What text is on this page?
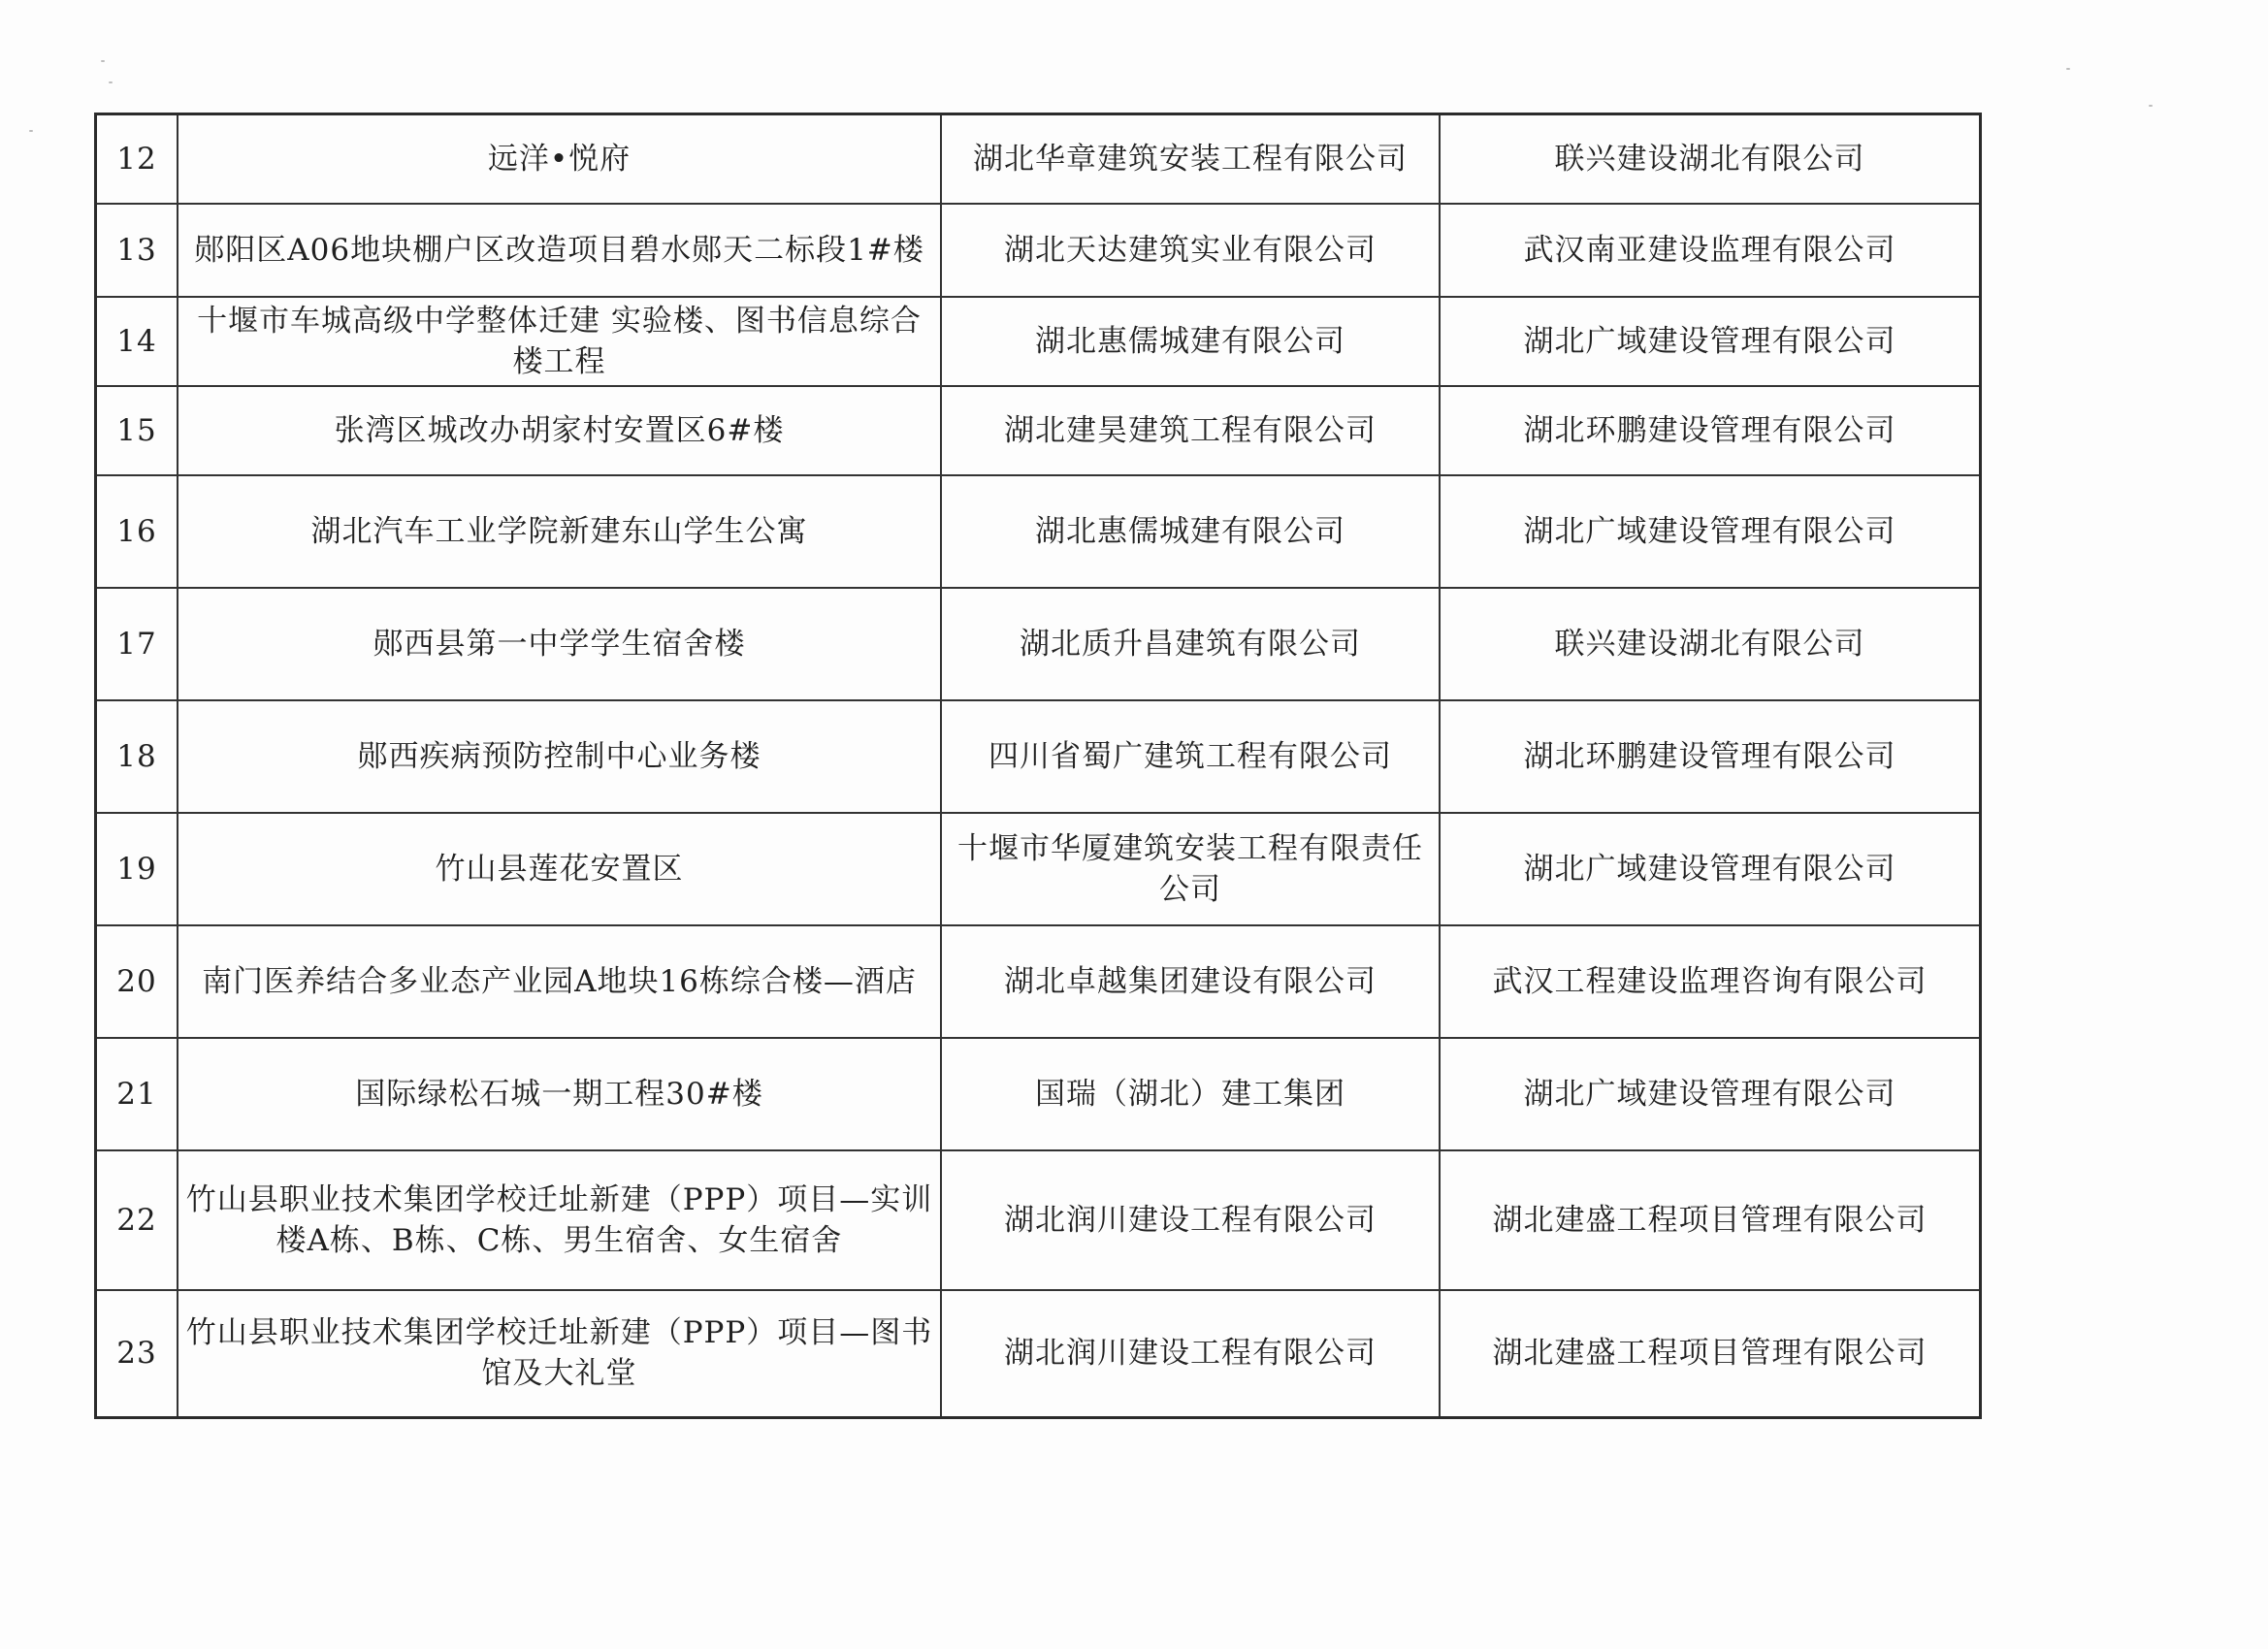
12	远洋•悦府	湖北华章建筑安装工程有限公司	联兴建设湖北有限公司
13	郧阳区A06地块棚户区改造项目碧水郧天二标段1#楼	湖北天达建筑实业有限公司	武汉南亚建设监理有限公司
14	十堰市车城高级中学整体迁建 实验楼、图书信息综合楼工程	湖北惠儒城建有限公司	湖北广域建设管理有限公司
15	张湾区城改办胡家村安置区6#楼	湖北建昊建筑工程有限公司	湖北环鹏建设管理有限公司
16	湖北汽车工业学院新建东山学生公寓	湖北惠儒城建有限公司	湖北广域建设管理有限公司
17	郧西县第一中学学生宿舍楼	湖北质升昌建筑有限公司	联兴建设湖北有限公司
18	郧西疾病预防控制中心业务楼	四川省蜀广建筑工程有限公司	湖北环鹏建设管理有限公司
19	竹山县莲花安置区	十堰市华厦建筑安装工程有限责任公司	湖北广域建设管理有限公司
20	南门医养结合多业态产业园A地块16栋综合楼—酒店	湖北卓越集团建设有限公司	武汉工程建设监理咨询有限公司
21	国际绿松石城一期工程30#楼	国瑞（湖北）建工集团	湖北广域建设管理有限公司
22	竹山县职业技术集团学校迁址新建（PPP）项目—实训楼A栋、B栋、C栋、男生宿舍、女生宿舍	湖北润川建设工程有限公司	湖北建盛工程项目管理有限公司
23	竹山县职业技术集团学校迁址新建（PPP）项目—图书馆及大礼堂	湖北润川建设工程有限公司	湖北建盛工程项目管理有限公司
